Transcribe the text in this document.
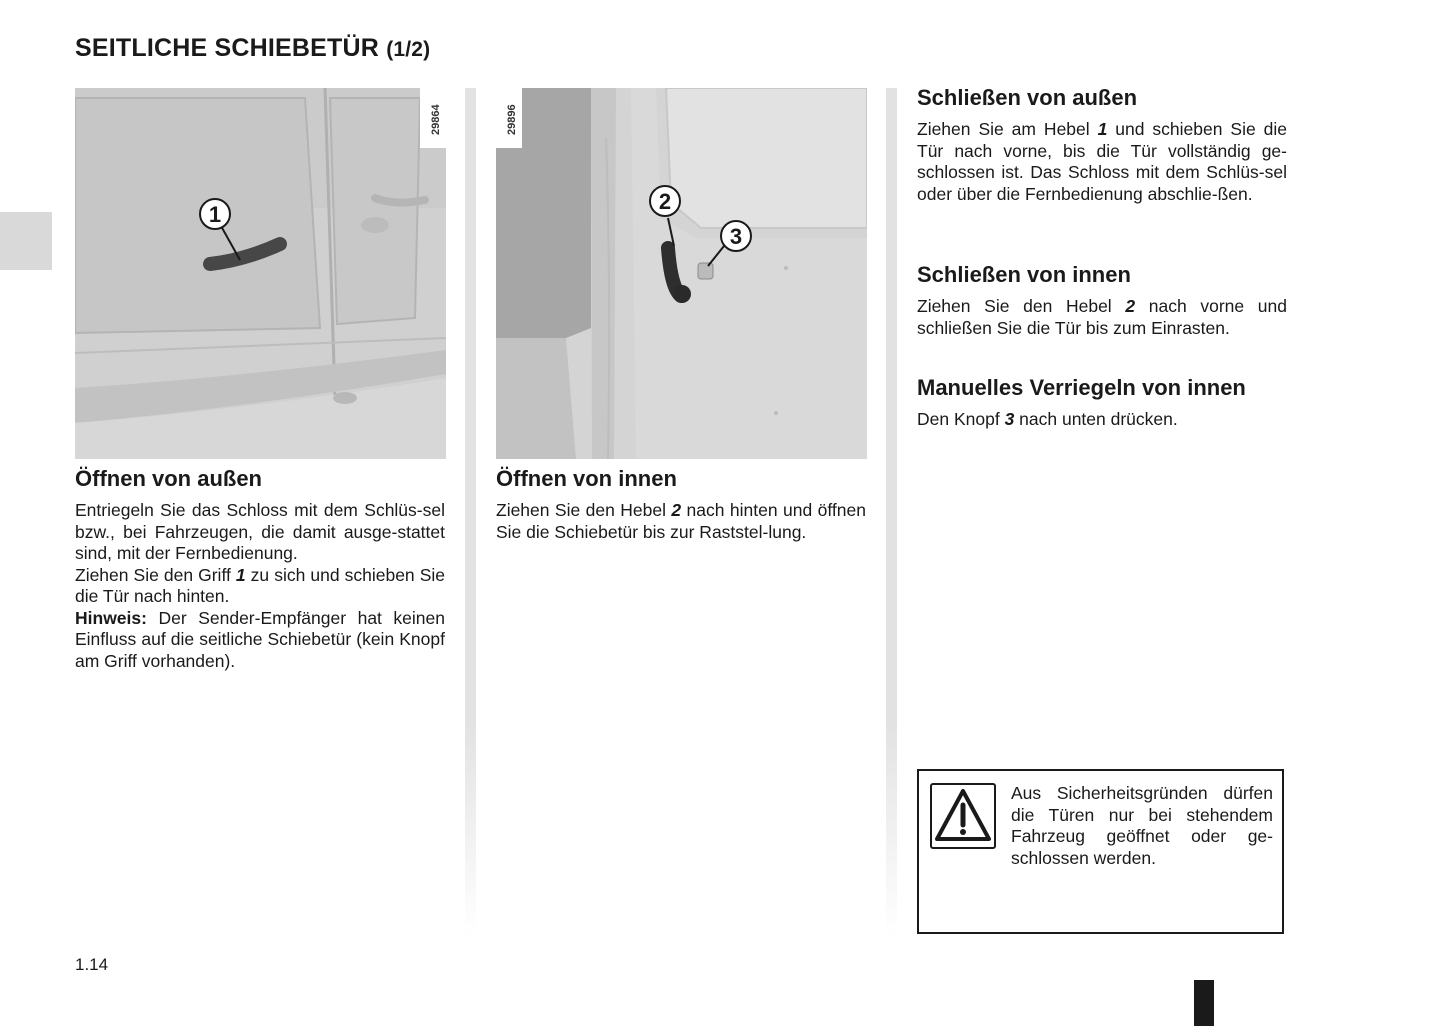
SEITLICHE SCHIEBETÜR (1/2)
1
29864
2
3
29896
Öffnen von außen

Entriegeln Sie das Schloss mit dem Schlüs-sel bzw., bei Fahrzeugen, die damit ausge-stattet sind, mit der Fernbedienung.

Ziehen Sie den Griff 1 zu sich und schieben Sie die Tür nach hinten.

Hinweis: Der Sender-Empfänger hat keinen Einfluss auf die seitliche Schiebetür (kein Knopf am Griff vorhanden).

Öffnen von innen

Ziehen Sie den Hebel 2 nach hinten und öffnen Sie die Schiebetür bis zur Raststel-lung.

Schließen von außen

Ziehen Sie am Hebel 1 und schieben Sie die Tür nach vorne, bis die Tür vollständig ge-schlossen ist. Das Schloss mit dem Schlüs-sel oder über die Fernbedienung abschlie-ßen.

Schließen von innen

Ziehen Sie den Hebel 2 nach vorne und schließen Sie die Tür bis zum Einrasten.

Manuelles Verriegeln von innen

Den Knopf 3 nach unten drücken.

Aus Sicherheitsgründen dürfen die Türen nur bei stehendem Fahrzeug geöffnet oder ge-schlossen werden.
1.14
